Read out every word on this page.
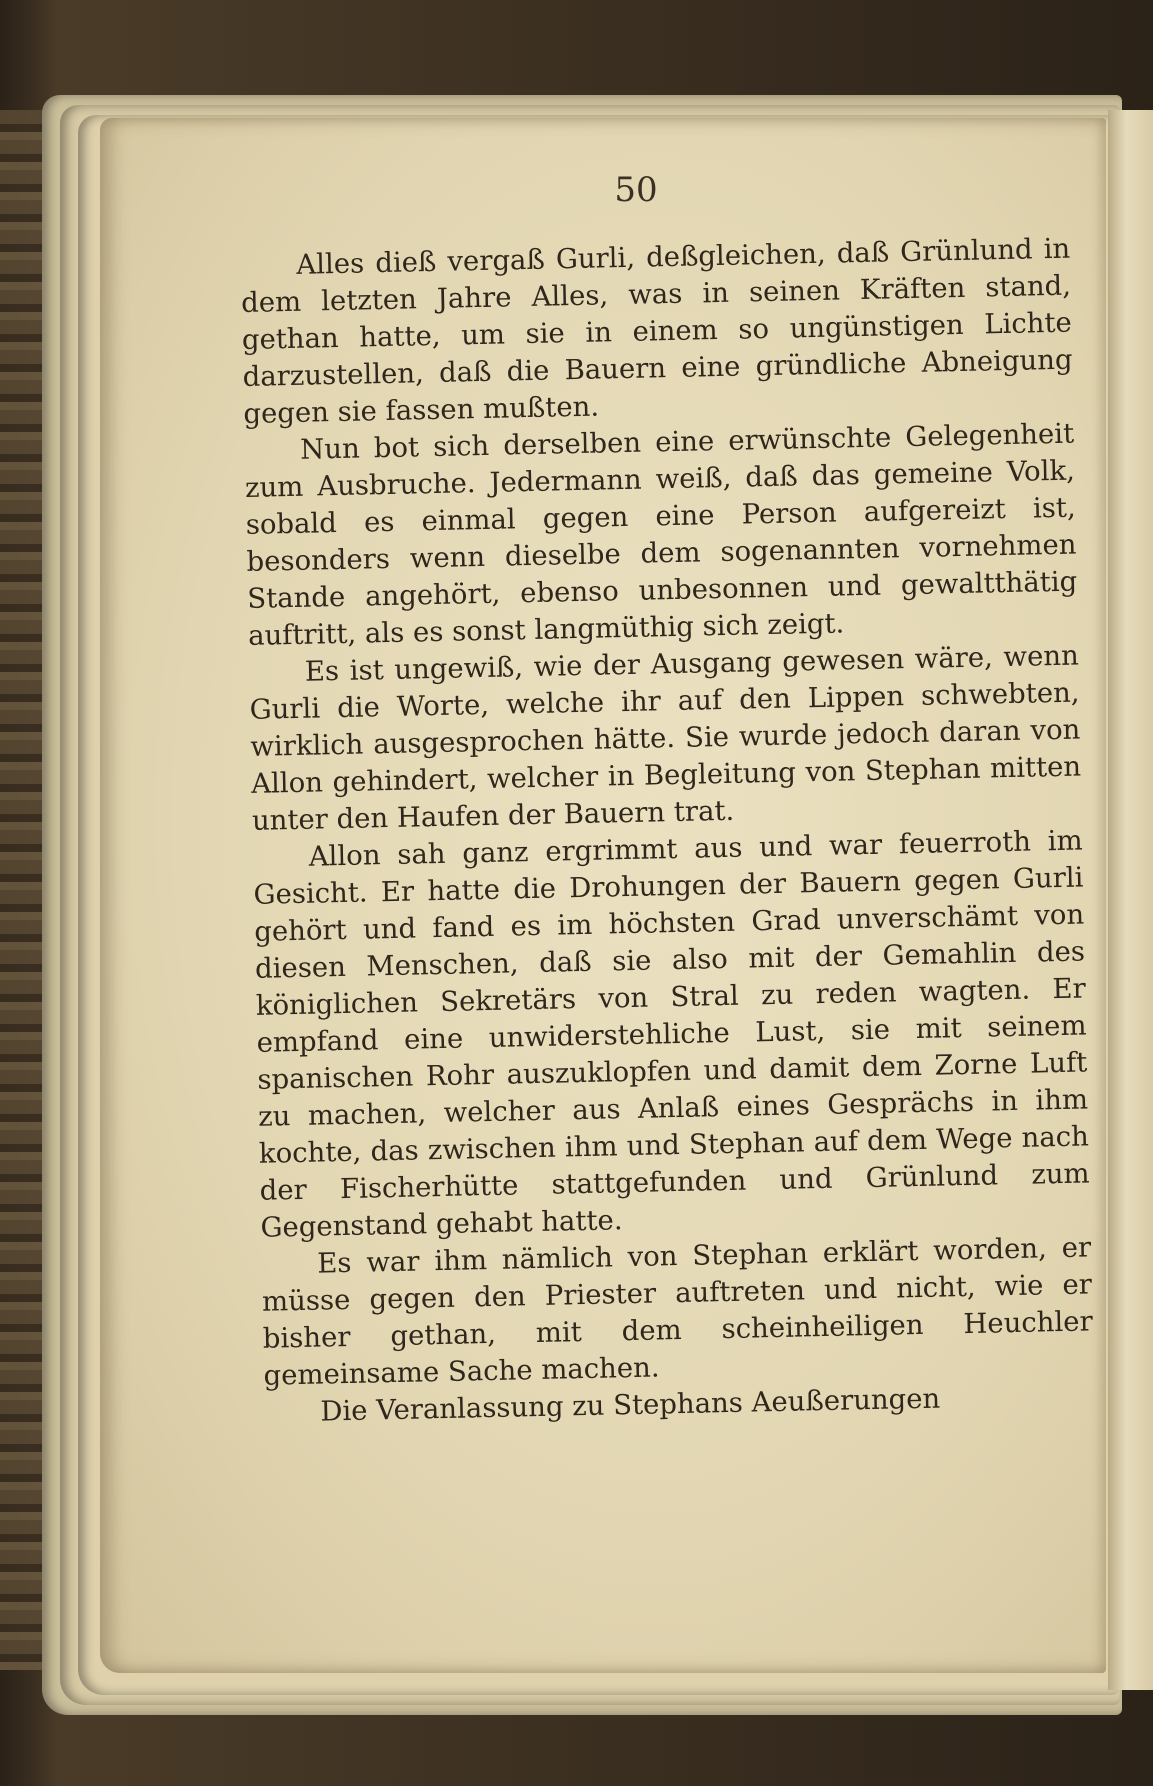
50

Alles dieß vergaß Gurli, deßgleichen, daß Grünlund in dem letzten Jahre Alles, was in seinen Kräften stand, gethan hatte, um sie in einem so ungünstigen Lichte darzustellen, daß die Bauern eine gründliche Abneigung gegen sie fassen mußten.

Nun bot sich derselben eine erwünschte Gelegenheit zum Ausbruche. Jedermann weiß, daß das gemeine Volk, sobald es einmal gegen eine Person aufgereizt ist, besonders wenn dieselbe dem sogenannten vornehmen Stande angehört, ebenso unbesonnen und gewaltthätig auftritt, als es sonst langmüthig sich zeigt.

Es ist ungewiß, wie der Ausgang gewesen wäre, wenn Gurli die Worte, welche ihr auf den Lippen schwebten, wirklich ausgesprochen hätte. Sie wurde jedoch daran von Allon gehindert, welcher in Begleitung von Stephan mitten unter den Haufen der Bauern trat.

Allon sah ganz ergrimmt aus und war feuerroth im Gesicht. Er hatte die Drohungen der Bauern gegen Gurli gehört und fand es im höchsten Grad unverschämt von diesen Menschen, daß sie also mit der Gemahlin des königlichen Sekretärs von Stral zu reden wagten. Er empfand eine unwiderstehliche Lust, sie mit seinem spanischen Rohr auszuklopfen und damit dem Zorne Luft zu machen, welcher aus Anlaß eines Gesprächs in ihm kochte, das zwischen ihm und Stephan auf dem Wege nach der Fischerhütte stattgefunden und Grünlund zum Gegenstand gehabt hatte.

Es war ihm nämlich von Stephan erklärt worden, er müsse gegen den Priester auftreten und nicht, wie er bisher gethan, mit dem scheinheiligen Heuchler gemeinsame Sache machen.

Die Veranlassung zu Stephans Aeußerungen
